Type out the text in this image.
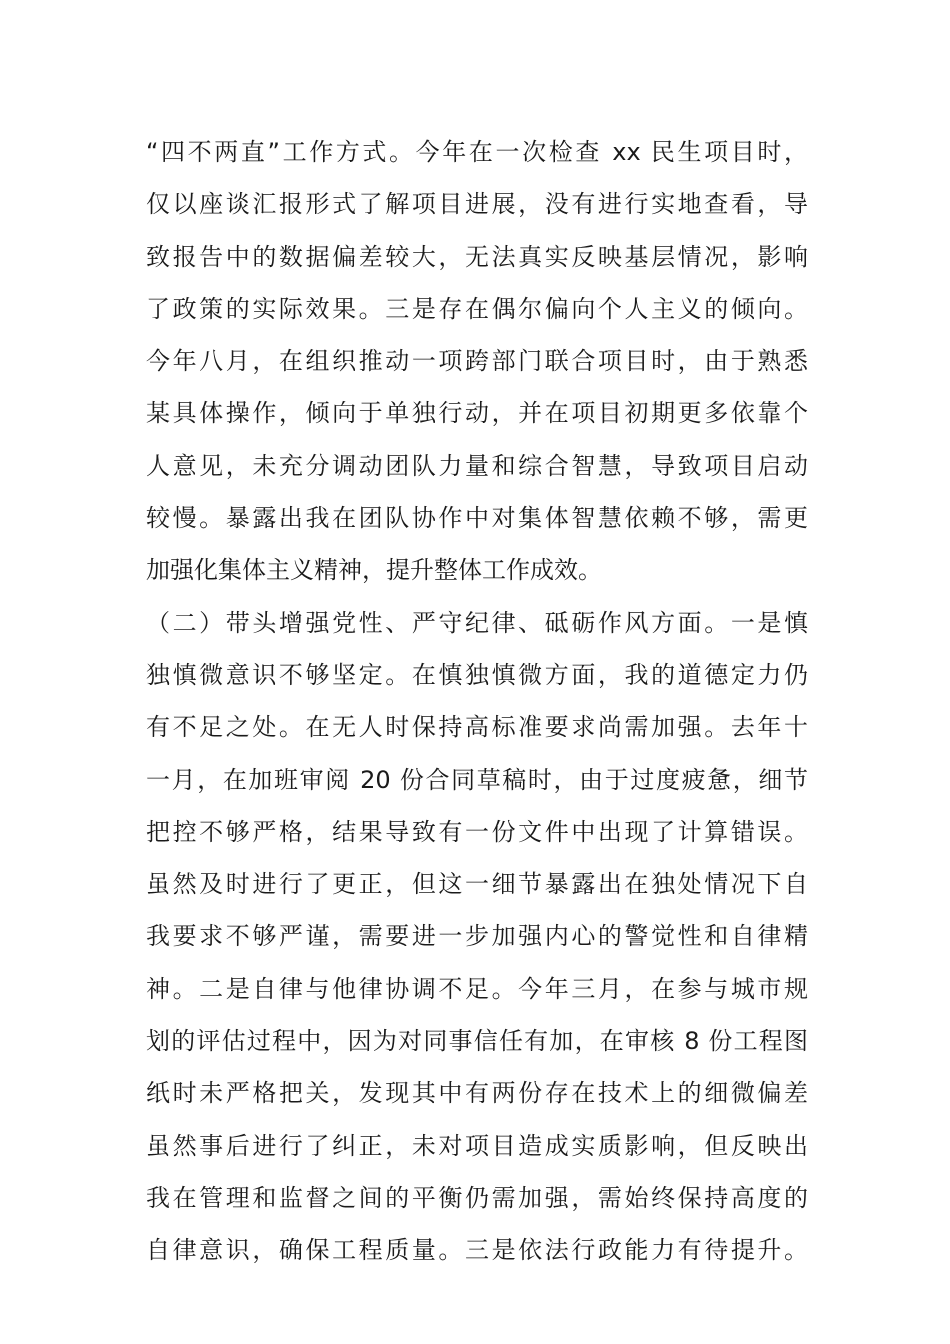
“四不两直”工作方式。今年在一次检查 xx 民生项目时，
仅以座谈汇报形式了解项目进展，没有进行实地查看，导
致报告中的数据偏差较大，无法真实反映基层情况，影响
了政策的实际效果。三是存在偶尔偏向个人主义的倾向。
今年八月，在组织推动一项跨部门联合项目时，由于熟悉
某具体操作，倾向于单独行动，并在项目初期更多依靠个
人意见，未充分调动团队力量和综合智慧，导致项目启动
较慢。暴露出我在团队协作中对集体智慧依赖不够，需更
加强化集体主义精神，提升整体工作成效。
（二）带头增强党性、严守纪律、砥砺作风方面。一是慎
独慎微意识不够坚定。在慎独慎微方面，我的道德定力仍
有不足之处。在无人时保持高标准要求尚需加强。去年十
一月，在加班审阅 20 份合同草稿时，由于过度疲惫，细节
把控不够严格，结果导致有一份文件中出现了计算错误。
虽然及时进行了更正，但这一细节暴露出在独处情况下自
我要求不够严谨，需要进一步加强内心的警觉性和自律精
神。二是自律与他律协调不足。今年三月，在参与城市规
划的评估过程中，因为对同事信任有加，在审核 8 份工程图
纸时未严格把关，发现其中有两份存在技术上的细微偏差
虽然事后进行了纠正，未对项目造成实质影响，但反映出
我在管理和监督之间的平衡仍需加强，需始终保持高度的
自律意识，确保工程质量。三是依法行政能力有待提升。
